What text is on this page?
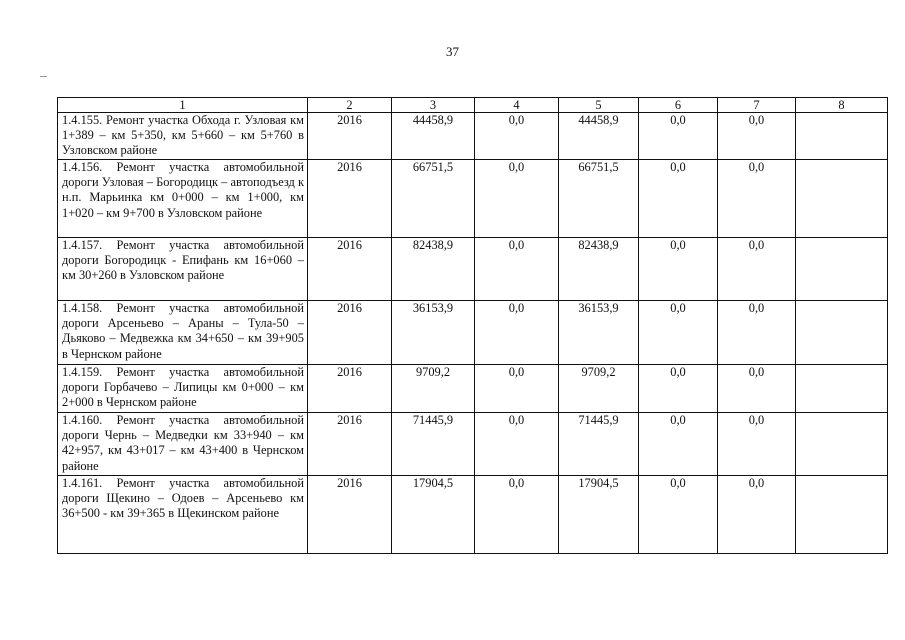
37
1	2	3	4	5	6	7	8
1.4.155. Ремонт участка Обхода г. Узловая км 1+389 – км 5+350, км 5+660 – км 5+760 в Узловском районе	2016	44458,9	0,0	44458,9	0,0	0,0	
1.4.156. Ремонт участка автомобильной дороги Узловая – Богородицк – автоподъезд к н.п. Марьинка км 0+000 – км 1+000, км 1+020 – км 9+700 в Узловском районе	2016	66751,5	0,0	66751,5	0,0	0,0	
1.4.157. Ремонт участка автомобильной дороги Богородицк - Епифань км 16+060 – км 30+260 в Узловском районе	2016	82438,9	0,0	82438,9	0,0	0,0	
1.4.158. Ремонт участка автомобильной дороги Арсеньево – Араны – Тула-50 – Дьяково – Медвежка км 34+650 – км 39+905 в Чернском районе	2016	36153,9	0,0	36153,9	0,0	0,0	
1.4.159. Ремонт участка автомобильной дороги Горбачево – Липицы км 0+000 – км 2+000 в Чернском районе	2016	9709,2	0,0	9709,2	0,0	0,0	
1.4.160. Ремонт участка автомобильной дороги Чернь – Медведки км 33+940 – км 42+957, км 43+017 – км 43+400 в Чернском районе	2016	71445,9	0,0	71445,9	0,0	0,0	
1.4.161. Ремонт участка автомобильной дороги Щекино – Одоев – Арсеньево км 36+500 - км 39+365 в Щекинском районе	2016	17904,5	0,0	17904,5	0,0	0,0	
